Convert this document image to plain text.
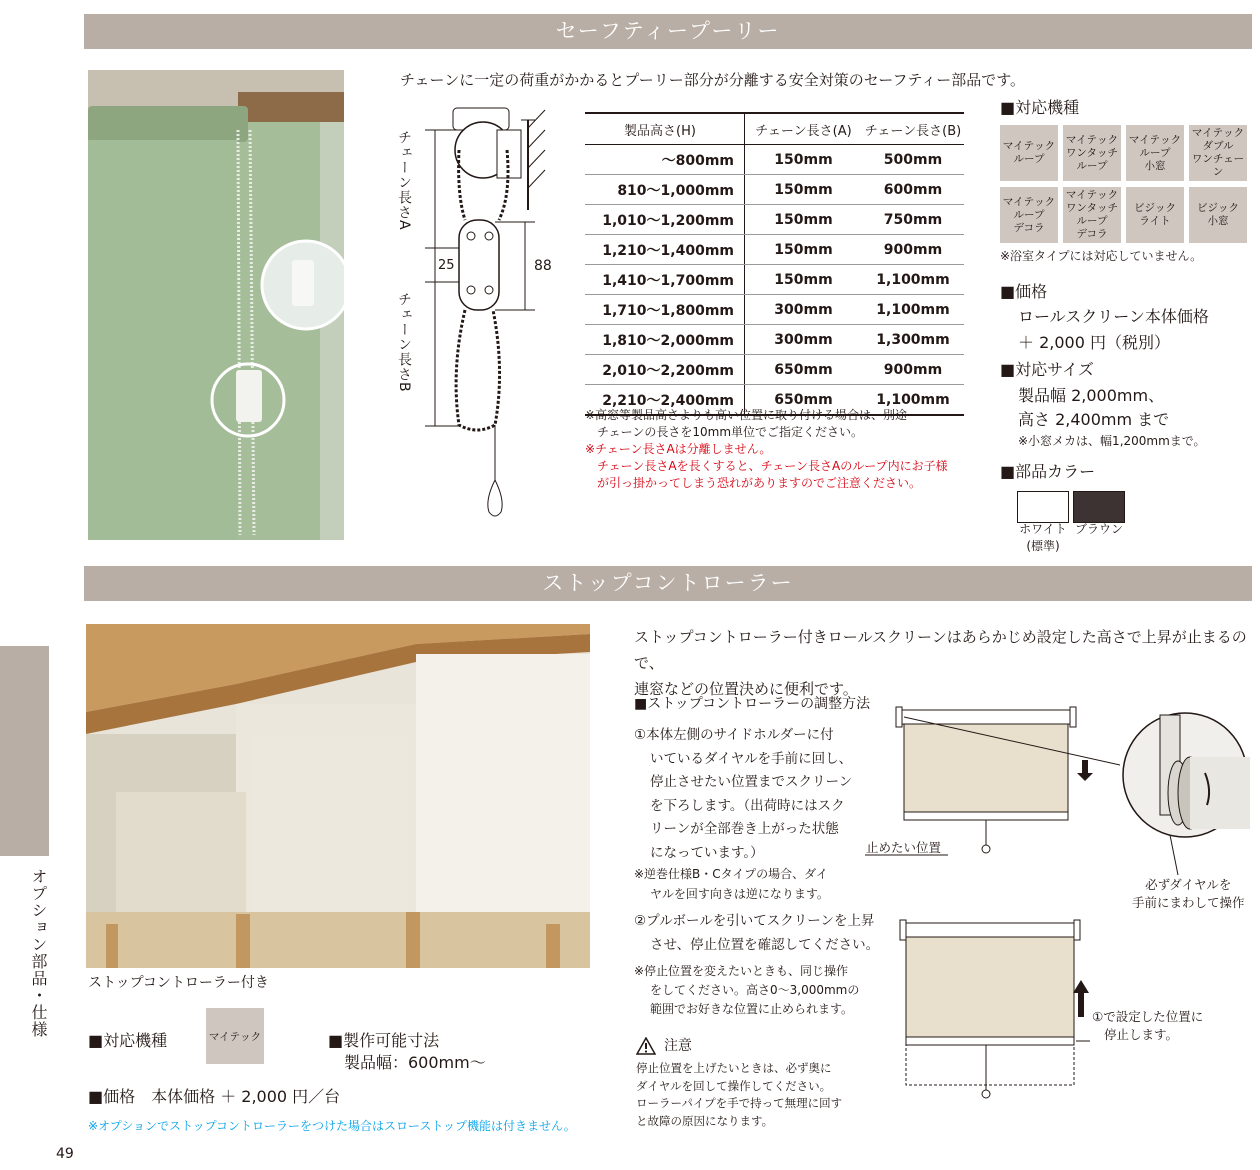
セーフティープーリー
チェーンに一定の荷重がかかるとプーリー部分が分離する安全対策のセーフティー部品です。
チェーン長さA
チェーン長さB
25	88
製品高さ(H)	チェーン長さ(A)	チェーン長さ(B)
～800mm	150mm	500mm
810～1,000mm	150mm	600mm
1,010～1,200mm	150mm	750mm
1,210～1,400mm	150mm	900mm
1,410～1,700mm	150mm	1,100mm
1,710～1,800mm	300mm	1,100mm
1,810～2,000mm	300mm	1,300mm
2,010～2,200mm	650mm	900mm
2,210～2,400mm	650mm	1,100mm
※高窓等製品高さよりも高い位置に取り付ける場合は、別途
チェーンの長さを10mm単位でご指定ください。
※チェーン長さAは分離しません。
チェーン長さAを長くすると、チェーン長さAのループ内にお子様
が引っ掛かってしまう恐れがありますのでご注意ください。
■対応機種
マイテック
ループ
マイテック
ワンタッチ
ループ
マイテック
ループ
小窓
マイテック
ダブル
ワンチェーン
マイテック
ループ
デコラ
マイテック
ワンタッチ
ループ
デコラ
ビジック
ライト
ビジック
小窓
※浴室タイプには対応していません。
■価格
ロールスクリーン本体価格
＋ 2,000 円（税別）
■対応サイズ
製品幅 2,000mm、
高さ 2,400mm まで
※小窓メカは、幅1,200mmまで。
■部品カラー
ホワイト
(標準)
ブラウン
ストップコントローラー
ストップコントローラー付き
■対応機種	マイテック	■製作可能寸法
製品幅：600mm～
■価格　本体価格 ＋ 2,000 円／台
※オプションでストップコントローラーをつけた場合はスローストップ機能は付きません。
ストップコントローラー付きロールスクリーンはあらかじめ設定した高さで上昇が止まるので、
連窓などの位置決めに便利です。
■ストップコントローラーの調整方法
①本体左側のサイドホルダーに付
いているダイヤルを手前に回し、
停止させたい位置までスクリーン
を下ろします。（出荷時にはスク
リーンが全部巻き上がった状態
になっています。）
※逆巻仕様B・Cタイプの場合、ダイ
ヤルを回す向きは逆になります。
②プルボールを引いてスクリーンを上昇
させ、停止位置を確認してください。
※停止位置を変えたいときも、同じ操作
をしてください。高さ0～3,000mmの
範囲でお好きな位置に止められます。
注意
停止位置を上げたいときは、必ず奥に
ダイヤルを回して操作してください。
ローラーパイプを手で持って無理に回す
と故障の原因になります。
止めたい位置
必ずダイヤルを
手前にまわして操作
①で設定した位置に
停止します。
オプション部品・仕様
49
